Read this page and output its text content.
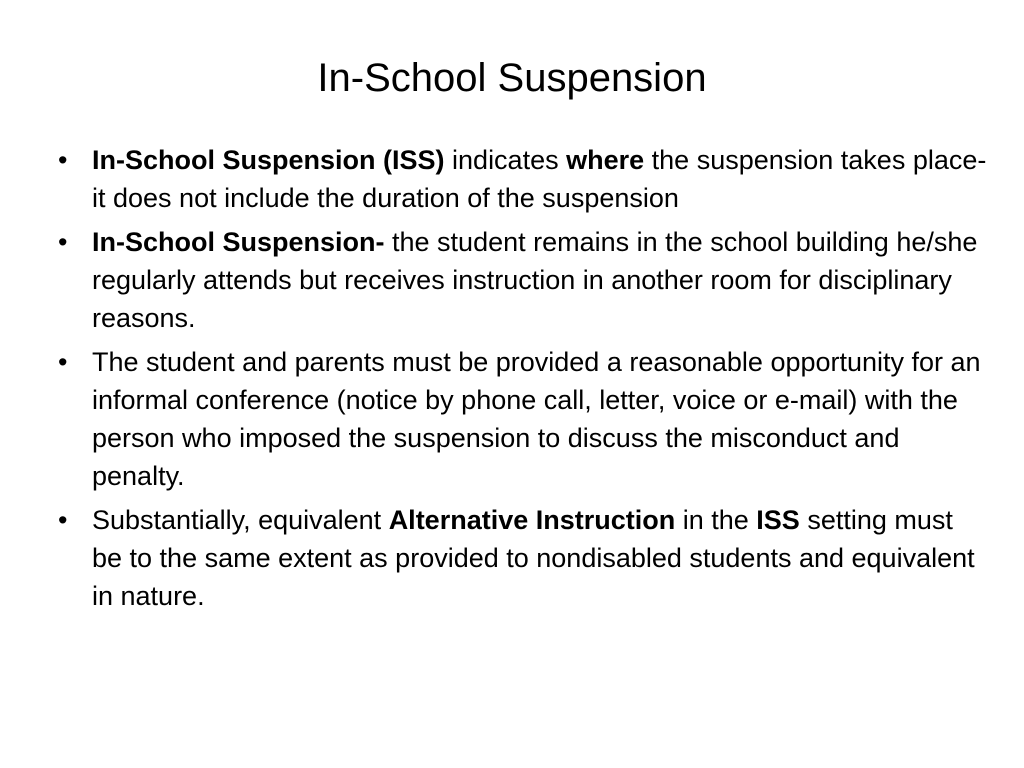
In-School Suspension
• In-School Suspension (ISS) indicates where the suspension takes place- it does not include the duration of the suspension
• In-School Suspension- the student remains in the school building he/she regularly attends but receives instruction in another room for disciplinary reasons.
• The student and parents must be provided a reasonable opportunity for an informal conference (notice by phone call, letter, voice or e-mail) with the person who imposed the suspension to discuss the misconduct and penalty.
• Substantially, equivalent Alternative Instruction in the ISS setting must be to the same extent as provided to nondisabled students and equivalent in nature.
